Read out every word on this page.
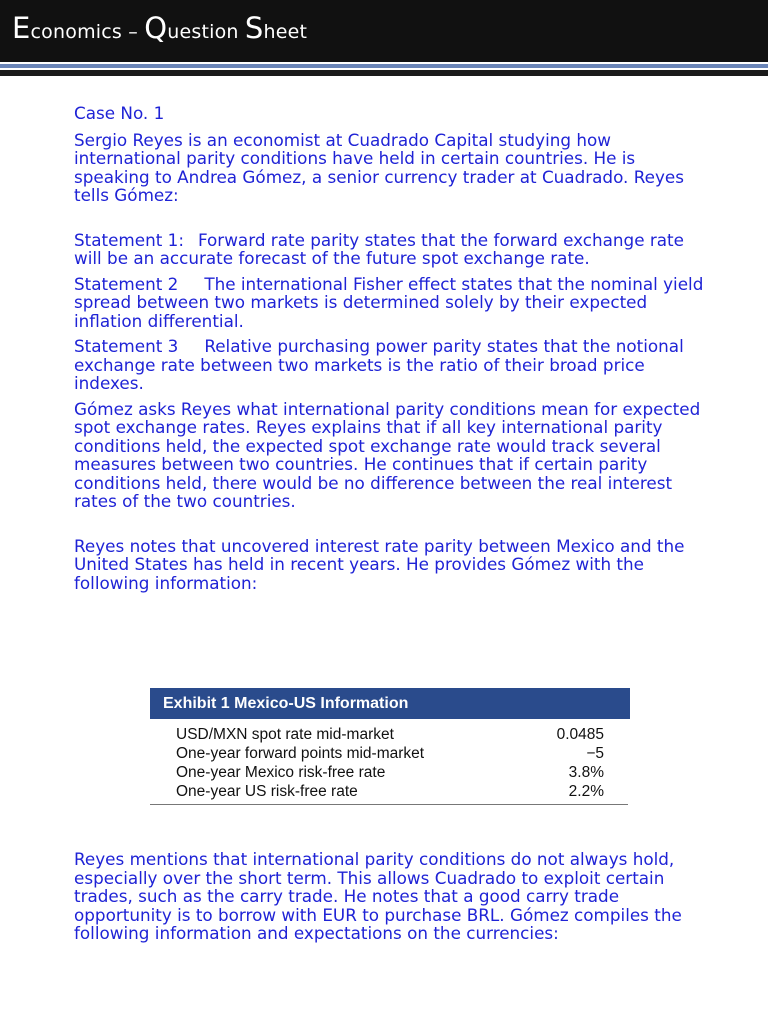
Economics – Question Sheet

Case No. 1

Sergio Reyes is an economist at Cuadrado Capital studying how international parity conditions have held in certain countries. He is speaking to Andrea Gómez, a senior currency trader at Cuadrado. Reyes tells Gómez:

Statement 1: Forward rate parity states that the forward exchange rate will be an accurate forecast of the future spot exchange rate.

Statement 2 The international Fisher effect states that the nominal yield spread between two markets is determined solely by their expected inflation differential.

Statement 3 Relative purchasing power parity states that the notional exchange rate between two markets is the ratio of their broad price indexes.

Gómez asks Reyes what international parity conditions mean for expected spot exchange rates. Reyes explains that if all key international parity conditions held, the expected spot exchange rate would track several measures between two countries. He continues that if certain parity conditions held, there would be no difference between the real interest rates of the two countries.

Reyes notes that uncovered interest rate parity between Mexico and the United States has held in recent years. He provides Gómez with the following information:

Exhibit 1 Mexico-US Information
USD/MXN spot rate mid-market	0.0485
One-year forward points mid-market	−5
One-year Mexico risk-free rate	3.8%
One-year US risk-free rate	2.2%

Reyes mentions that international parity conditions do not always hold, especially over the short term. This allows Cuadrado to exploit certain trades, such as the carry trade. He notes that a good carry trade opportunity is to borrow with EUR to purchase BRL. Gómez compiles the following information and expectations on the currencies:
